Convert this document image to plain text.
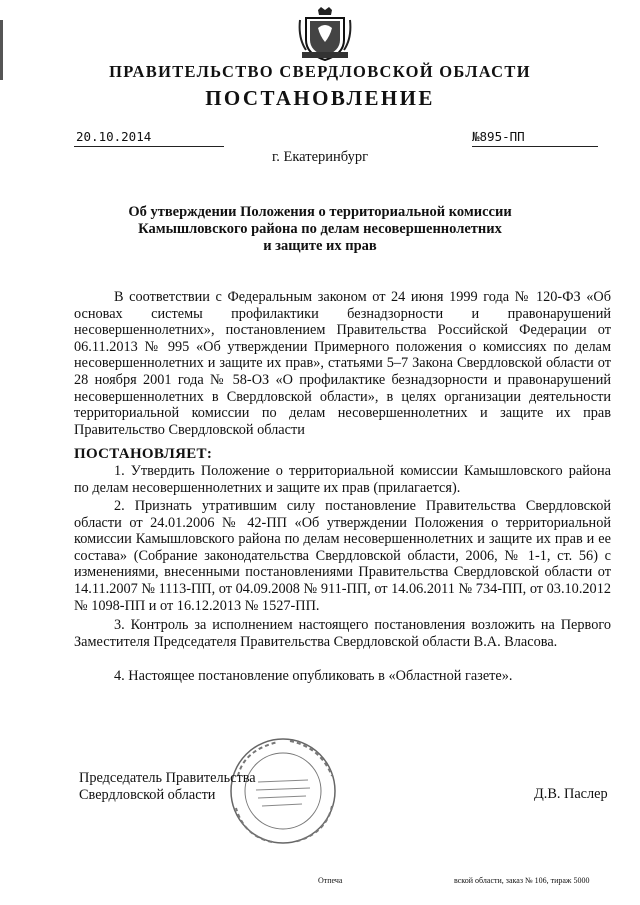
ПРАВИТЕЛЬСТВО СВЕРДЛОВСКОЙ ОБЛАСТИ
ПОСТАНОВЛЕНИЕ
20.10.2014	№895-ПП
г. Екатеринбург
Об утверждении Положения о территориальной комиссии
Камышловского района по делам несовершеннолетних
и защите их прав

В соответствии с Федеральным законом от 24 июня 1999 года № 120-ФЗ «Об основах системы профилактики безнадзорности и правонарушений несовершеннолетних», постановлением Правительства Российской Федерации от 06.11.2013 № 995 «Об утверждении Примерного положения о комиссиях по делам несовершеннолетних и защите их прав», статьями 5–7 Закона Свердловской области от 28 ноября 2001 года № 58-ОЗ «О профилактике безнадзорности и правонарушений несовершеннолетних в Свердловской области», в целях организации деятельности территориальной комиссии по делам несовершеннолетних и защите их прав Правительство Свердловской области

ПОСТАНОВЛЯЕТ:

1. Утвердить Положение о территориальной комиссии Камышловского района по делам несовершеннолетних и защите их прав (прилагается).

2. Признать утратившим силу постановление Правительства Свердловской области от 24.01.2006 № 42-ПП «Об утверждении Положения о территориальной комиссии Камышловского района по делам несовершеннолетних и защите их прав и ее состава» (Собрание законодательства Свердловской области, 2006, № 1-1, ст. 56) с изменениями, внесенными постановлениями Правительства Свердловской области от 14.11.2007 № 1113-ПП, от 04.09.2008 № 911-ПП, от 14.06.2011 № 734-ПП, от 03.10.2012 № 1098-ПП и от 16.12.2013 № 1527-ПП.

3. Контроль за исполнением настоящего постановления возложить на Первого Заместителя Председателя Правительства Свердловской области В.А. Власова.

4. Настоящее постановление опубликовать в «Областной газете».

Председатель Правительства
Свердловской области	Д.В. Паслер
Отпеча	вской области, заказ № 106, тираж 5000
